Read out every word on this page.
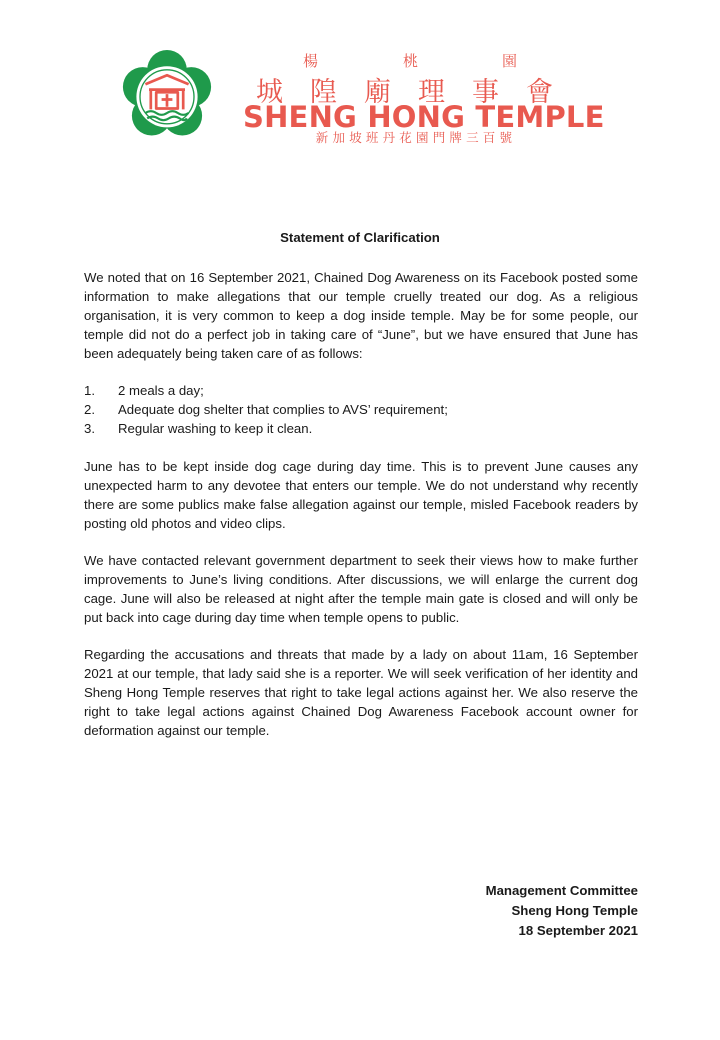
楊	桃	園
城 隍 廟 理 事 會
SHENG HONG TEMPLE
新加坡班丹花園門牌三百號
Statement of Clarification

We noted that on 16 September 2021, Chained Dog Awareness on its Facebook posted some information to make allegations that our temple cruelly treated our dog. As a religious organisation, it is very common to keep a dog inside temple. May be for some people, our temple did not do a perfect job in taking care of “June”, but we have ensured that June has been adequately being taken care of as follows:

1.	2 meals a day;
2.	Adequate dog shelter that complies to AVS’ requirement;
3.	Regular washing to keep it clean.

June has to be kept inside dog cage during day time. This is to prevent June causes any unexpected harm to any devotee that enters our temple. We do not understand why recently there are some publics make false allegation against our temple, misled Facebook readers by posting old photos and video clips.

We have contacted relevant government department to seek their views how to make further improvements to June’s living conditions. After discussions, we will enlarge the current dog cage. June will also be released at night after the temple main gate is closed and will only be put back into cage during day time when temple opens to public.

Regarding the accusations and threats that made by a lady on about 11am, 16 September 2021 at our temple, that lady said she is a reporter. We will seek verification of her identity and Sheng Hong Temple reserves that right to take legal actions against her. We also reserve the right to take legal actions against Chained Dog Awareness Facebook account owner for deformation against our temple.

Management Committee
Sheng Hong Temple
18 September 2021
